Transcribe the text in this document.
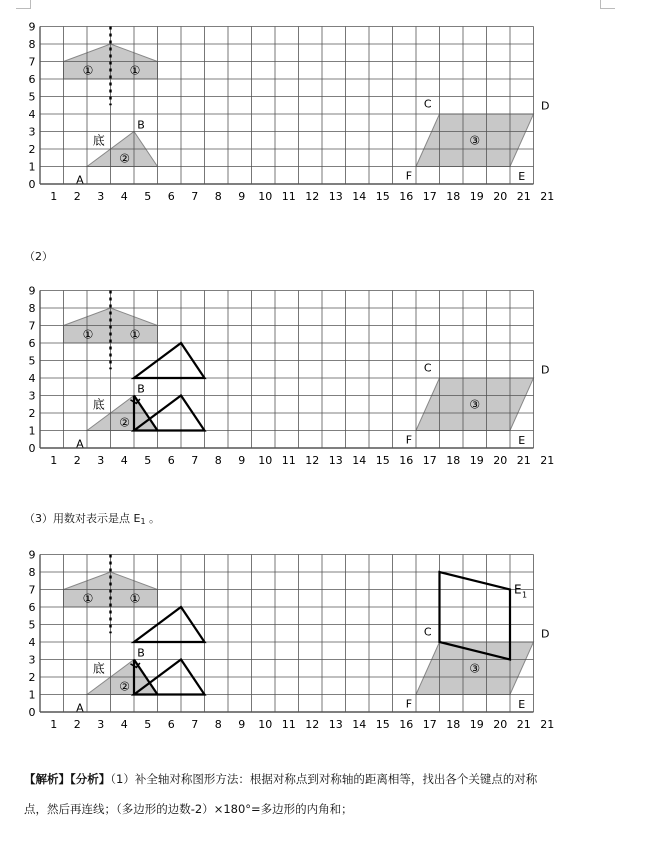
0
1
2
3
4
5
6
7
8
9
1 2 3 4 5 6 7 8 9 10 11 12 13 14 15 16 17 18 19 20 21 21
①	①
②
③
底
A
B
C	D
E
F
（2）
0
1
2
3
4
5
6
7
8
9
1 2 3 4 5 6 7 8 9 10 11 12 13 14 15 16 17 18 19 20 21 21
①	①
②
③
底
A
B
C	D
E
F
（3）用数对表示是点 $E_1$ 。
0
1
2
3
4
5
6
7
8
9
1 2 3 4 5 6 7 8 9 10 11 12 13 14 15 16 17 18 19 20 21 21
①	①
②
③
底
A
B
C	D
E
F
E 1
【解析】【分析】（1）补全轴对称图形方法：根据对称点到对称轴的距离相等，找出各个关键点的对称
点，然后再连线；（多边形的边数-2）×180°=多边形的内角和；
